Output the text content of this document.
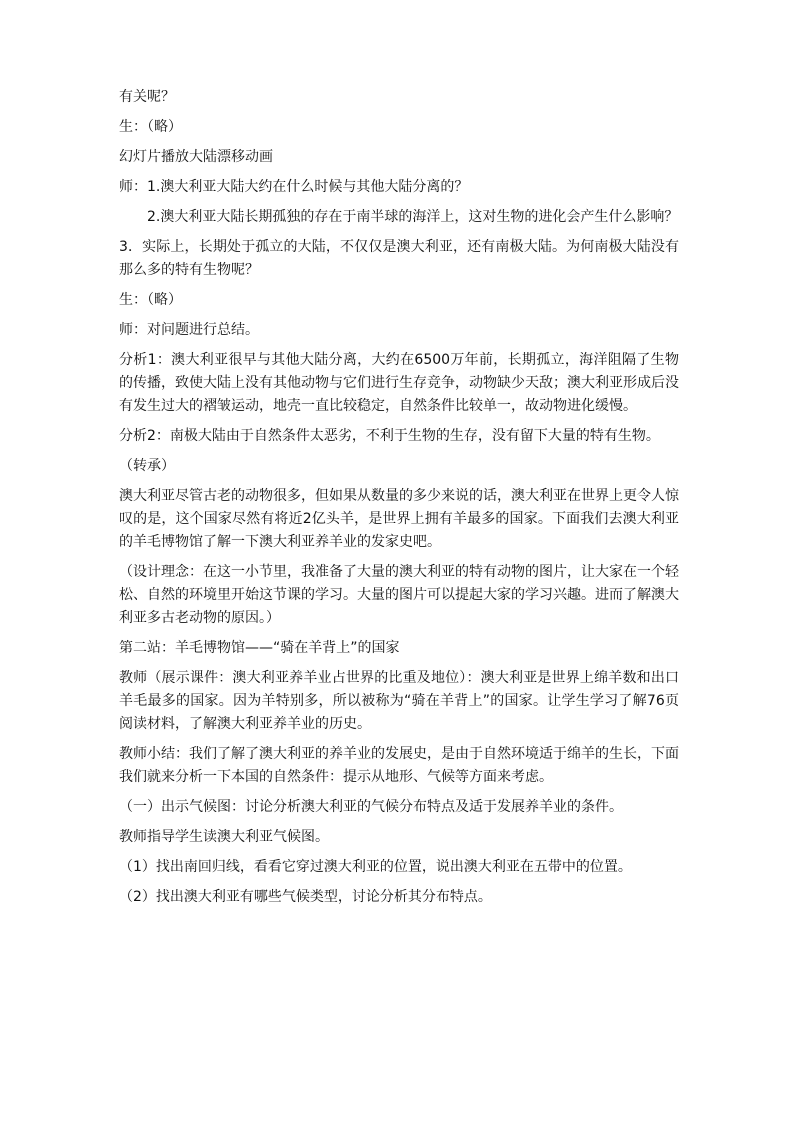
有关呢？

生：（略）

幻灯片播放大陆漂移动画

师：1.澳大利亚大陆大约在什么时候与其他大陆分离的？

2.澳大利亚大陆长期孤独的存在于南半球的海洋上，这对生物的进化会产生什么影响？

3．实际上，长期处于孤立的大陆，不仅仅是澳大利亚，还有南极大陆。为何南极大陆没有那么多的特有生物呢？

生：（略）

师：对问题进行总结。

分析1：澳大利亚很早与其他大陆分离，大约在6500万年前，长期孤立，海洋阻隔了生物的传播，致使大陆上没有其他动物与它们进行生存竞争，动物缺少天敌；澳大利亚形成后没有发生过大的褶皱运动，地壳一直比较稳定，自然条件比较单一，故动物进化缓慢。

分析2：南极大陆由于自然条件太恶劣，不利于生物的生存，没有留下大量的特有生物。

（转承）

澳大利亚尽管古老的动物很多，但如果从数量的多少来说的话，澳大利亚在世界上更令人惊叹的是，这个国家尽然有将近2亿头羊，是世界上拥有羊最多的国家。下面我们去澳大利亚的羊毛博物馆了解一下澳大利亚养羊业的发家史吧。

（设计理念：在这一小节里，我准备了大量的澳大利亚的特有动物的图片，让大家在一个轻松、自然的环境里开始这节课的学习。大量的图片可以提起大家的学习兴趣。进而了解澳大利亚多古老动物的原因。）

第二站：羊毛博物馆——“骑在羊背上”的国家

教师（展示课件：澳大利亚养羊业占世界的比重及地位）：澳大利亚是世界上绵羊数和出口羊毛最多的国家。因为羊特别多，所以被称为“骑在羊背上”的国家。让学生学习了解76页阅读材料，了解澳大利亚养羊业的历史。

教师小结：我们了解了澳大利亚的养羊业的发展史，是由于自然环境适于绵羊的生长，下面我们就来分析一下本国的自然条件：提示从地形、气候等方面来考虑。

（一）出示气候图：讨论分析澳大利亚的气候分布特点及适于发展养羊业的条件。

教师指导学生读澳大利亚气候图。

（1）找出南回归线，看看它穿过澳大利亚的位置，说出澳大利亚在五带中的位置。

（2）找出澳大利亚有哪些气候类型，讨论分析其分布特点。
